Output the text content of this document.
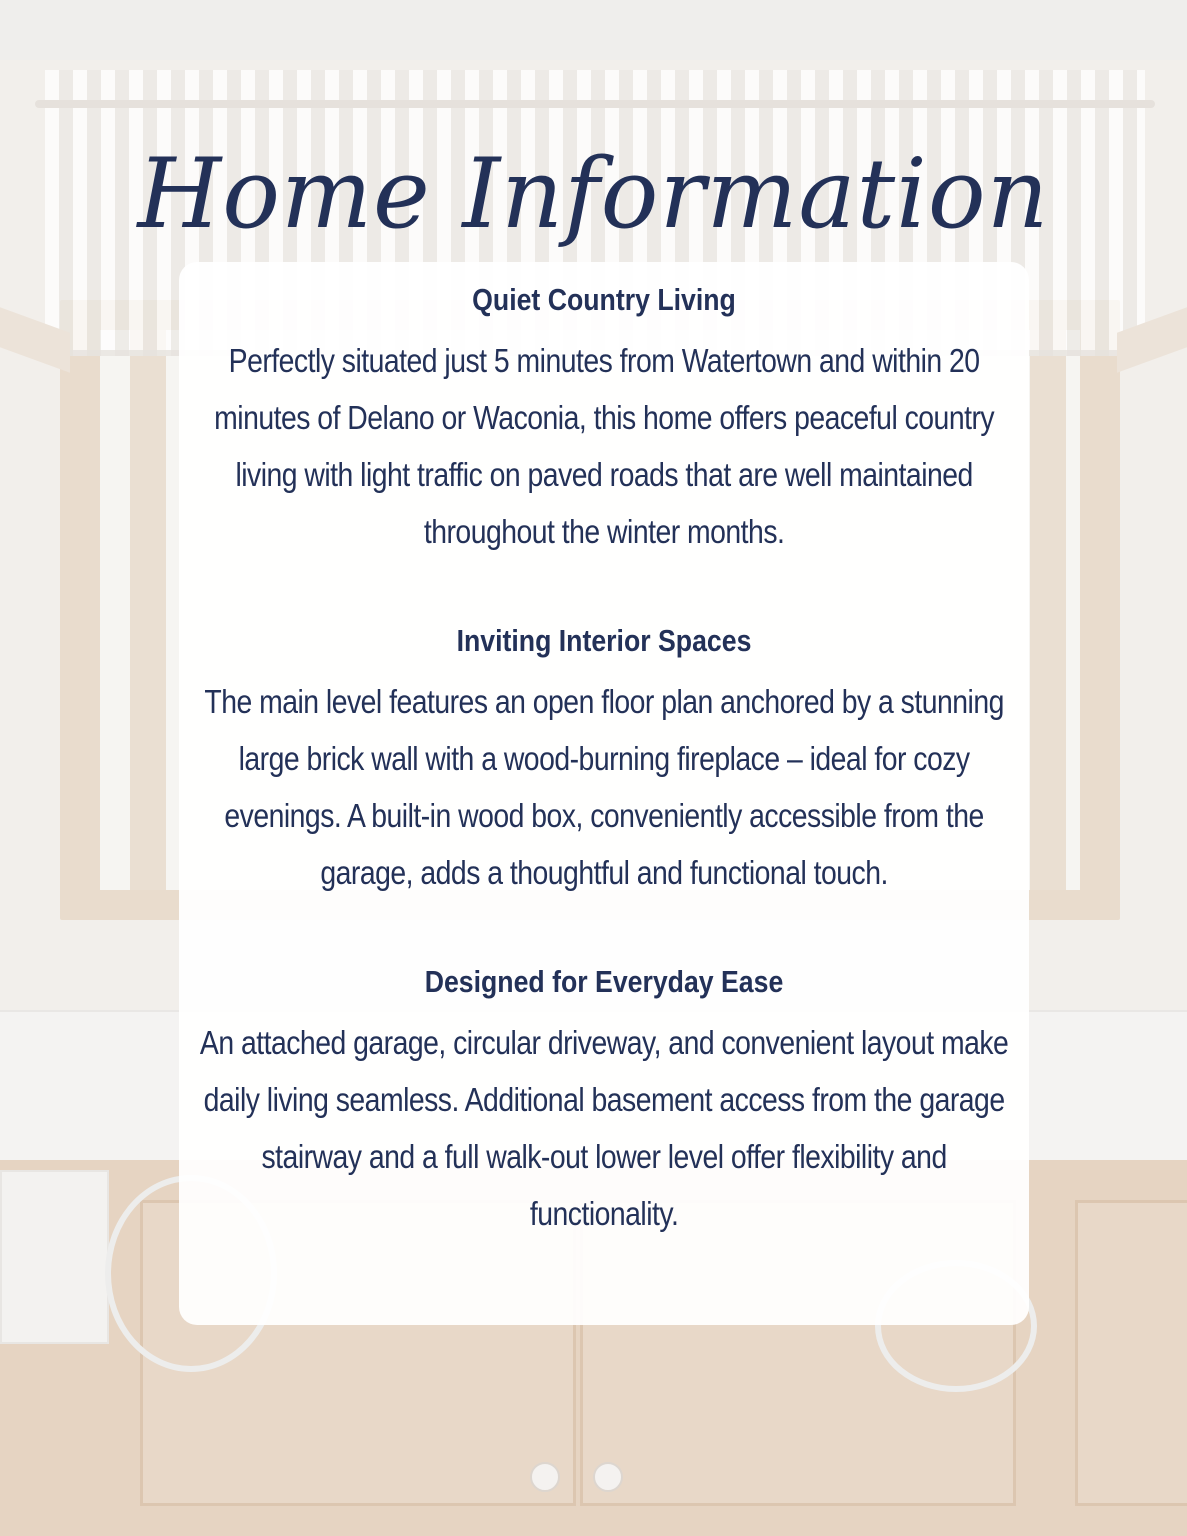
Home Information
Quiet Country Living

Perfectly situated just 5 minutes from Watertown and within 20 minutes of Delano or Waconia, this home offers peaceful country living with light traffic on paved roads that are well maintained throughout the winter months.

Inviting Interior Spaces

The main level features an open floor plan anchored by a stunning large brick wall with a wood-burning fireplace – ideal for cozy evenings. A built-in wood box, conveniently accessible from the garage, adds a thoughtful and functional touch.

Designed for Everyday Ease

An attached garage, circular driveway, and convenient layout make daily living seamless. Additional basement access from the garage stairway and a full walk-out lower level offer flexibility and functionality.
